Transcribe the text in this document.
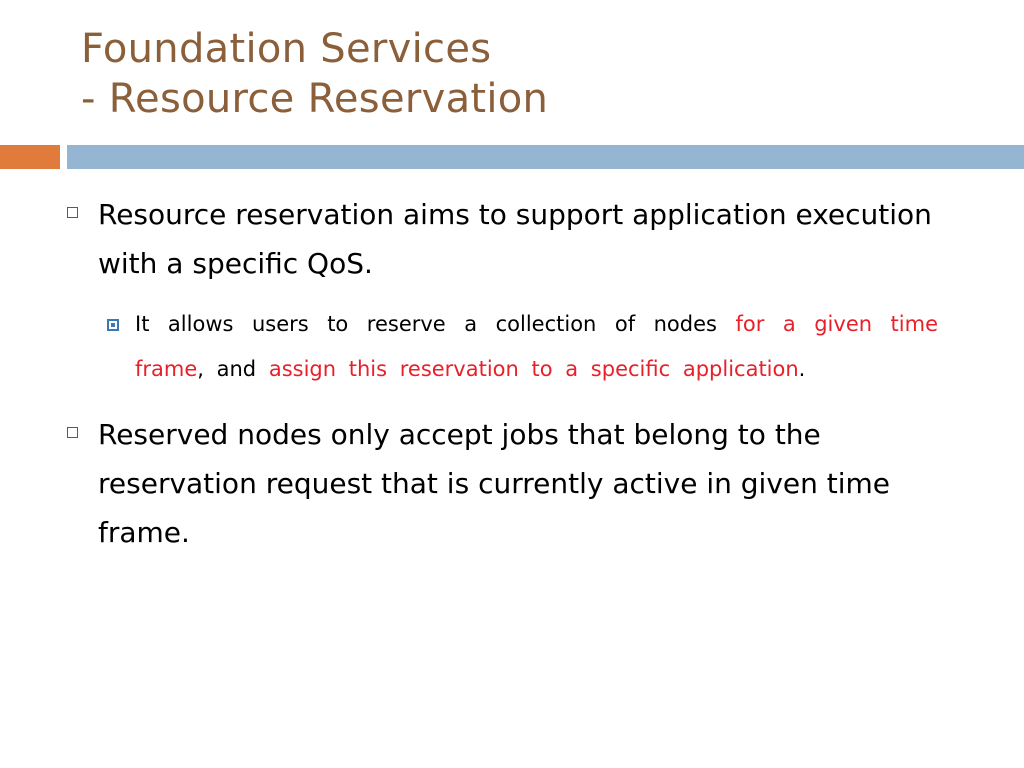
Foundation Services
- Resource Reservation
Resource reservation aims to support application execution with a specific QoS.
It allows users to reserve a collection of nodes for a given time frame, and assign this reservation to a specific application.
Reserved nodes only accept jobs that belong to the reservation request that is currently active in given time frame.
